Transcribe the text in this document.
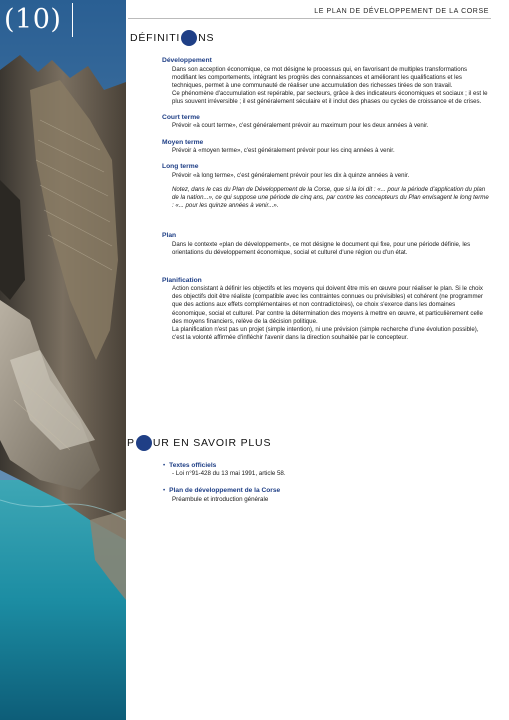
(10)	LE PLAN DE DÉVELOPPEMENT DE LA CORSE
DÉFINITI NS
Développement

Dans son acception économique, ce mot désigne le processus qui, en favorisant de multiples transformations modifiant les comportements, intégrant les progrès des connaissances et améliorant les qualifications et les techniques, permet à une communauté de réaliser une accumulation des richesses tirées de son travail.

Ce phénomène d'accumulation est repérable, par secteurs, grâce à des indicateurs économiques et sociaux ; il est le plus souvent irréversible ; il est généralement séculaire et il inclut des phases ou cycles de croissance et de crises.

Court terme

Prévoir «à court terme», c'est généralement prévoir au maximum pour les deux années à venir.

Moyen terme

Prévoir à «moyen terme», c'est généralement prévoir pour les cinq années à venir.

Long terme

Prévoir «à long terme», c'est généralement prévoir pour les dix à quinze années à venir.

Notez, dans le cas du Plan de Développement de la Corse, que si la loi dit : «... pour la période d'application du plan de la nation...», ce qui suppose une période de cinq ans, par contre les concepteurs du Plan envisagent le long terme : «... pour les quinze années à venir...».

Plan

Dans le contexte «plan de développement», ce mot désigne le document qui fixe, pour une période définie, les orientations du développement économique, social et culturel d'une région ou d'un état.

Planification

Action consistant à définir les objectifs et les moyens qui doivent être mis en œuvre pour réaliser le plan. Si le choix des objectifs doit être réaliste (compatible avec les contraintes connues ou prévisibles) et cohérent (ne programmer que des actions aux effets complémentaires et non contradictoires), ce choix s'exerce dans les domaines économique, social et culturel. Par contre la détermination des moyens à mettre en œuvre, et particulièrement celle des moyens financiers, relève de la décision politique.

La planification n'est pas un projet (simple intention), ni une prévision (simple recherche d'une évolution possible), c'est la volonté affirmée d'infléchir l'avenir dans la direction souhaitée par le concepteur.

P UR EN SAVOIR PLUS
• Textes officiels
- Loi n°91-428 du 13 mai 1991, article 58.
• Plan de développement de la Corse
Préambule et introduction générale
